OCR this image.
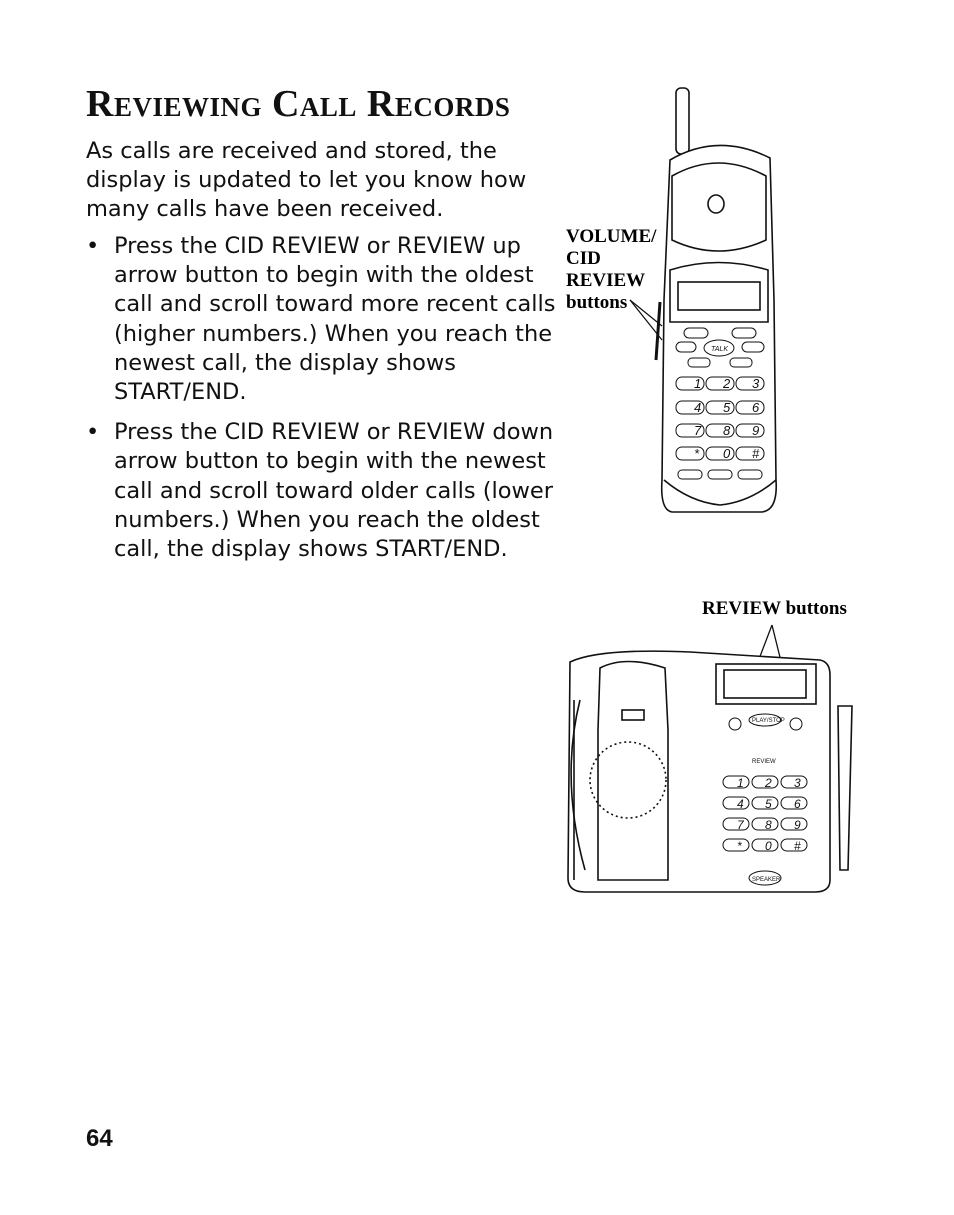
Reviewing Call Records

As calls are received and stored, the display is updated to let you know how many calls have been received.

• Press the CID REVIEW or REVIEW up arrow button to begin with the oldest call and scroll toward more recent calls (higher numbers.) When you reach the newest call, the display shows START/END.
• Press the CID REVIEW or REVIEW down arrow button to begin with the newest call and scroll toward older calls (lower numbers.) When you reach the oldest call, the display shows START/END.
VOLUME/
CID
REVIEW
buttons
REVIEW buttons
TALK
1 2 3
4 5 6
7 8 9
* 0 #
PLAY/STOP
REVIEW
1 2 3
4 5 6
7 8 9
* 0 #
SPEAKER
64
